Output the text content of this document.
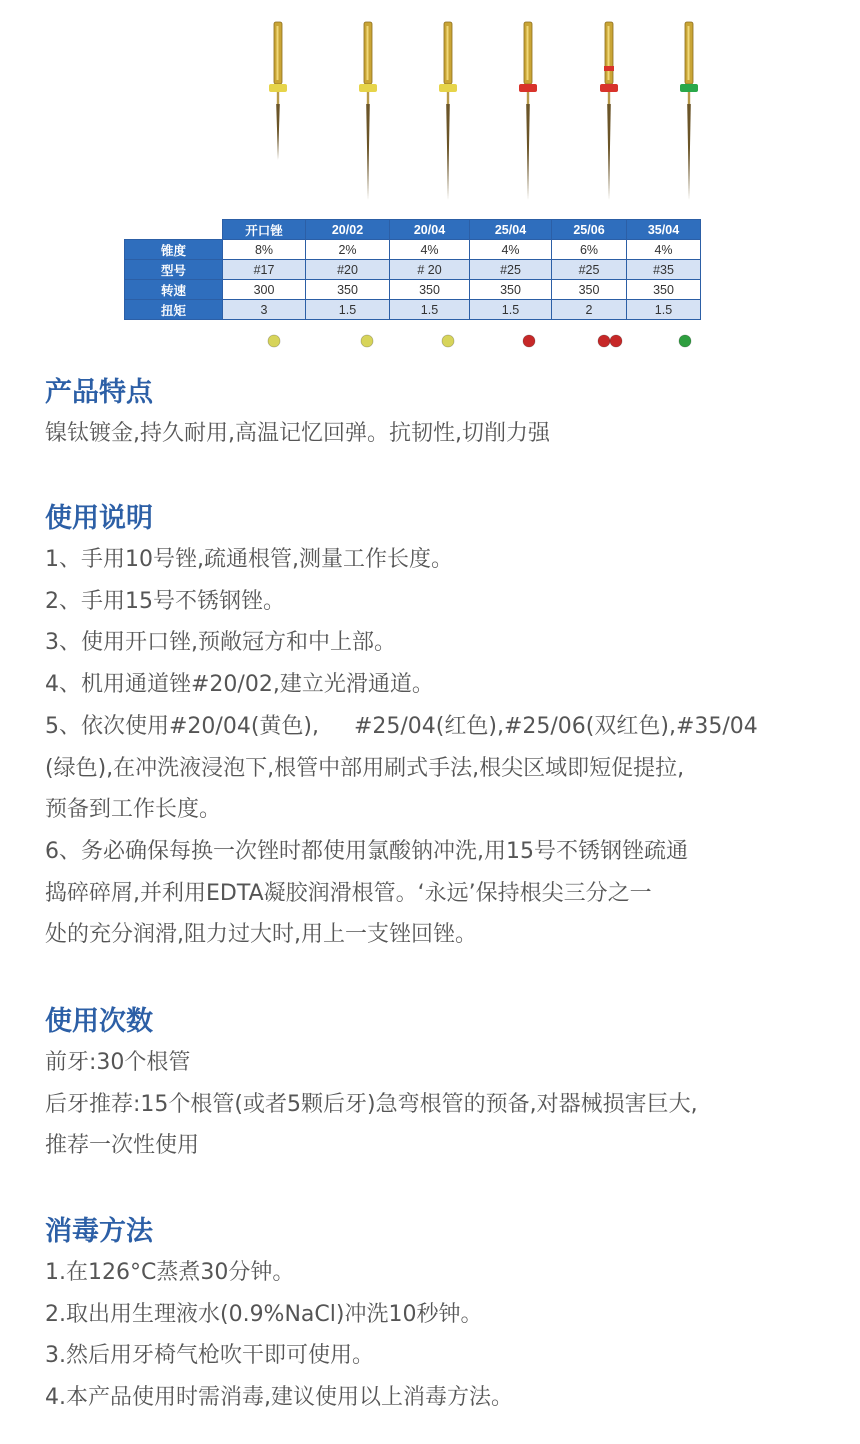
	开口锉	20/02	20/04	25/04	25/06	35/04
锥度	8%	2%	4%	4%	6%	4%
型号	#17	#20	# 20	#25	#25	#35
转速	300	350	350	350	350	350
扭矩	3	1.5	1.5	1.5	2	1.5
产品特点

镍钛镀金,持久耐用,高温记忆回弹。抗韧性,切削力强

使用说明

1、手用10号锉,疏通根管,测量工作长度。

2、手用15号不锈钢锉。

3、使用开口锉,预敞冠方和中上部。

4、机用通道锉#20/02,建立光滑通道。

5、依次使用#20/04(黄色),     #25/04(红色),#25/06(双红色),#35/04

(绿色),在冲洗液浸泡下,根管中部用刷式手法,根尖区域即短促提拉,

预备到工作长度。

6、务必确保每换一次锉时都使用氯酸钠冲洗,用15号不锈钢锉疏通

捣碎碎屑,并利用EDTA凝胶润滑根管。‘永远’保持根尖三分之一

处的充分润滑,阻力过大时,用上一支锉回锉。

使用次数

前牙:30个根管

后牙推荐:15个根管(或者5颗后牙)急弯根管的预备,对器械损害巨大,

推荐一次性使用

消毒方法

1.在126°C蒸煮30分钟。

2.取出用生理液水(0.9%NaCl)冲洗10秒钟。

3.然后用牙椅气枪吹干即可使用。

4.本产品使用时需消毒,建议使用以上消毒方法。
